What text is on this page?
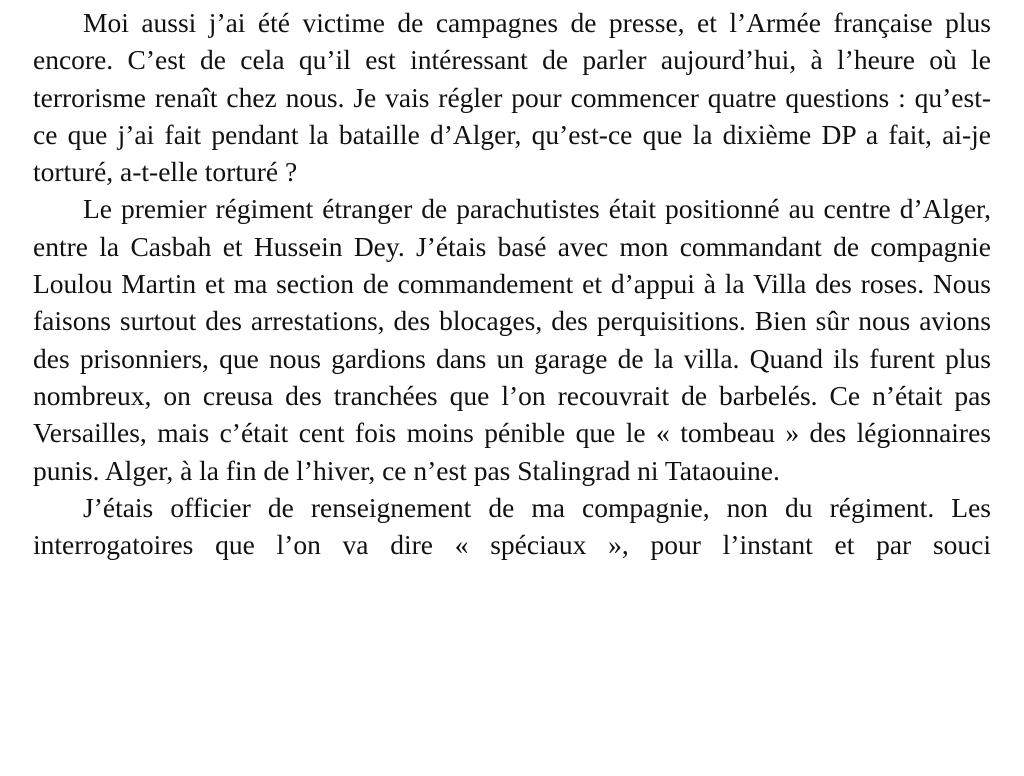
Moi aussi j’ai été victime de campagnes de presse, et l’Armée française plus encore. C’est de cela qu’il est intéressant de parler aujourd’hui, à l’heure où le terrorisme renaît chez nous. Je vais régler pour commencer quatre questions : qu’est-ce que j’ai fait pendant la bataille d’Alger, qu’est-ce que la dixième DP a fait, ai-je torturé, a-t-elle torturé ?

Le premier régiment étranger de parachutistes était positionné au centre d’Alger, entre la Casbah et Hussein Dey. J’étais basé avec mon commandant de compagnie Loulou Martin et ma section de commandement et d’appui à la Villa des roses. Nous faisons surtout des arrestations, des blocages, des perquisitions. Bien sûr nous avions des prisonniers, que nous gardions dans un garage de la villa. Quand ils furent plus nombreux, on creusa des tranchées que l’on recouvrait de barbelés. Ce n’était pas Versailles, mais c’était cent fois moins pénible que le « tombeau » des légionnaires punis. Alger, à la fin de l’hiver, ce n’est pas Stalingrad ni Tataouine.

J’étais officier de renseignement de ma compagnie, non du régiment. Les interrogatoires que l’on va dire « spéciaux », pour l’instant et par souci
